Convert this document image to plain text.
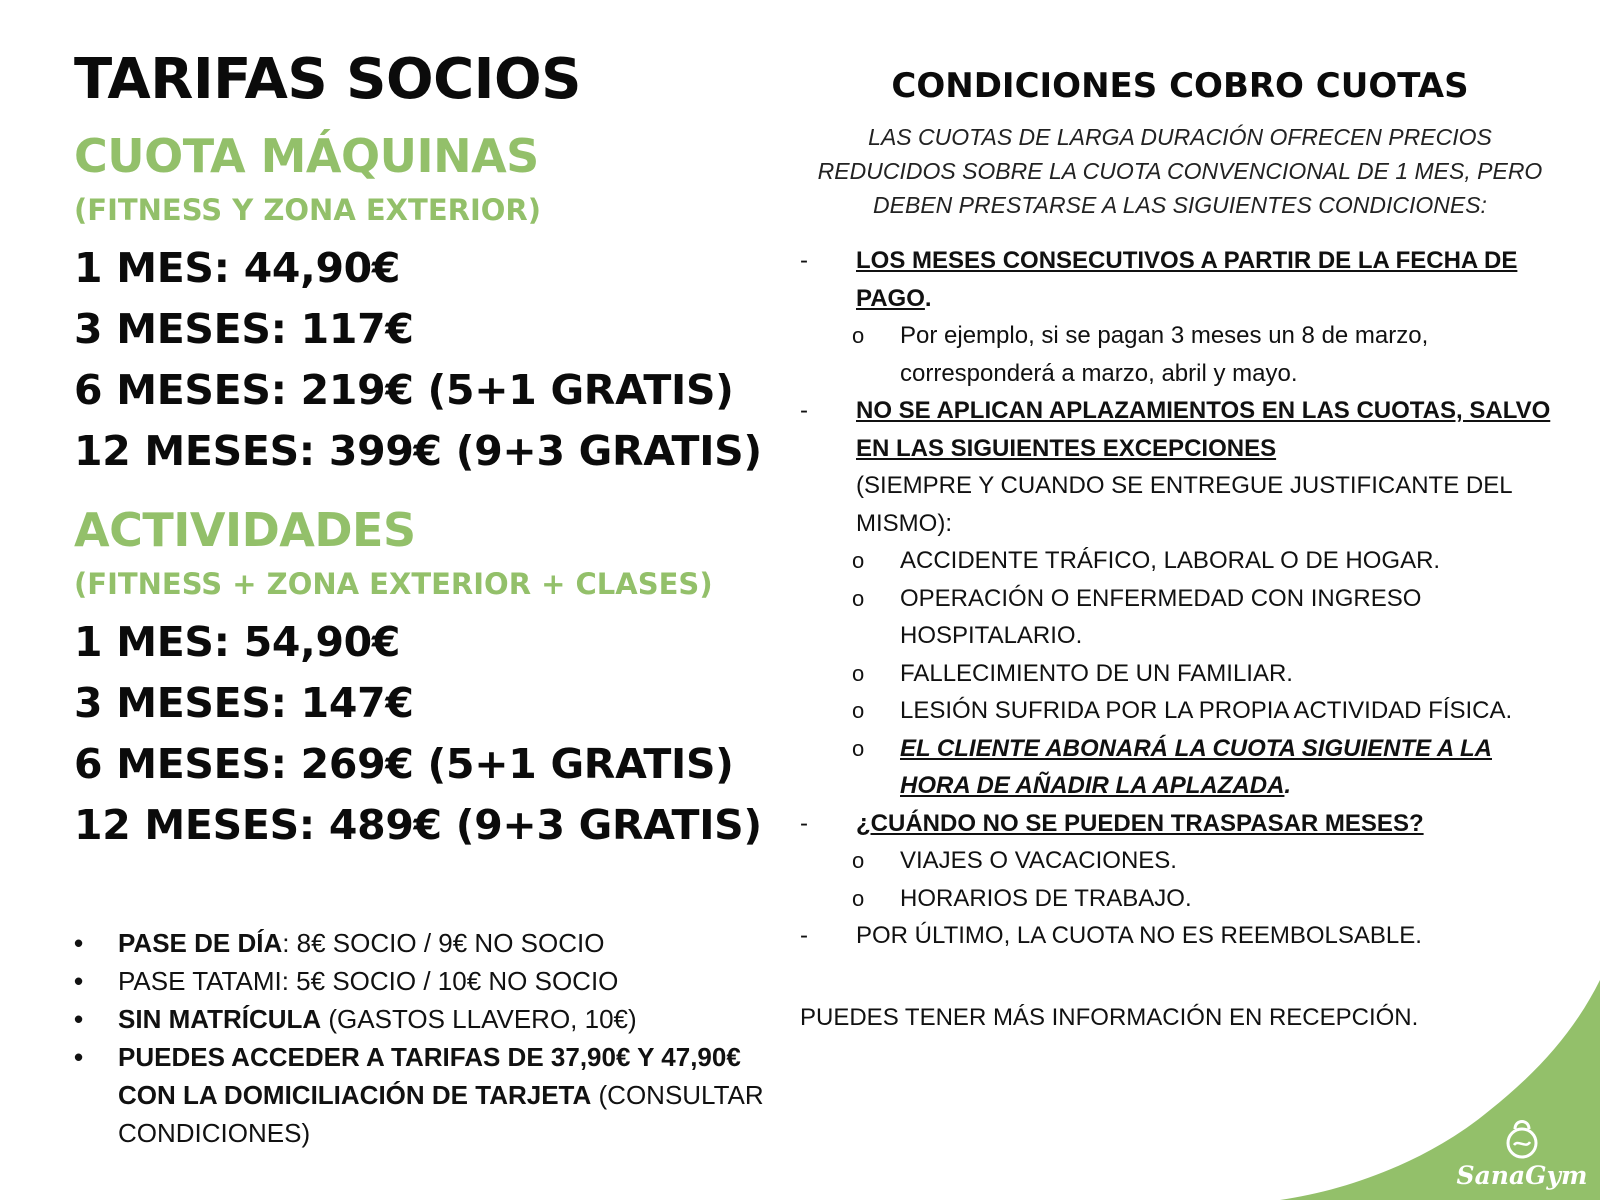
TARIFAS SOCIOS
CUOTA MÁQUINAS
(FITNESS Y ZONA EXTERIOR)
1 MES: 44,90€
3 MESES: 117€
6 MESES: 219€ (5+1 GRATIS)
12 MESES: 399€ (9+3 GRATIS)
ACTIVIDADES
(FITNESS + ZONA EXTERIOR + CLASES)
1 MES: 54,90€
3 MESES: 147€
6 MESES: 269€ (5+1 GRATIS)
12 MESES: 489€ (9+3 GRATIS)
• PASE DE DÍA: 8€ SOCIO / 9€ NO SOCIO
• PASE TATAMI: 5€ SOCIO / 10€ NO SOCIO
• SIN MATRÍCULA (GASTOS LLAVERO, 10€)
• PUEDES ACCEDER A TARIFAS DE 37,90€ Y 47,90€ CON LA DOMICILIACIÓN DE TARJETA (CONSULTAR CONDICIONES)
CONDICIONES COBRO CUOTAS
LAS CUOTAS DE LARGA DURACIÓN OFRECEN PRECIOS REDUCIDOS SOBRE LA CUOTA CONVENCIONAL DE 1 MES, PERO DEBEN PRESTARSE A LAS SIGUIENTES CONDICIONES:
- LOS MESES CONSECUTIVOS A PARTIR DE LA FECHA DE PAGO.
o Por ejemplo, si se pagan 3 meses un 8 de marzo, corresponderá a marzo, abril y mayo.
- NO SE APLICAN APLAZAMIENTOS EN LAS CUOTAS, SALVO EN LAS SIGUIENTES EXCEPCIONES
(SIEMPRE Y CUANDO SE ENTREGUE JUSTIFICANTE DEL MISMO):
o ACCIDENTE TRÁFICO, LABORAL O DE HOGAR.
o OPERACIÓN O ENFERMEDAD CON INGRESO HOSPITALARIO.
o FALLECIMIENTO DE UN FAMILIAR.
o LESIÓN SUFRIDA POR LA PROPIA ACTIVIDAD FÍSICA.
o EL CLIENTE ABONARÁ LA CUOTA SIGUIENTE A LA HORA DE AÑADIR LA APLAZADA.
- ¿CUÁNDO NO SE PUEDEN TRASPASAR MESES?
o VIAJES O VACACIONES.
o HORARIOS DE TRABAJO.
- POR ÚLTIMO, LA CUOTA NO ES REEMBOLSABLE.
PUEDES TENER MÁS INFORMACIÓN EN RECEPCIÓN.
SanaGym
